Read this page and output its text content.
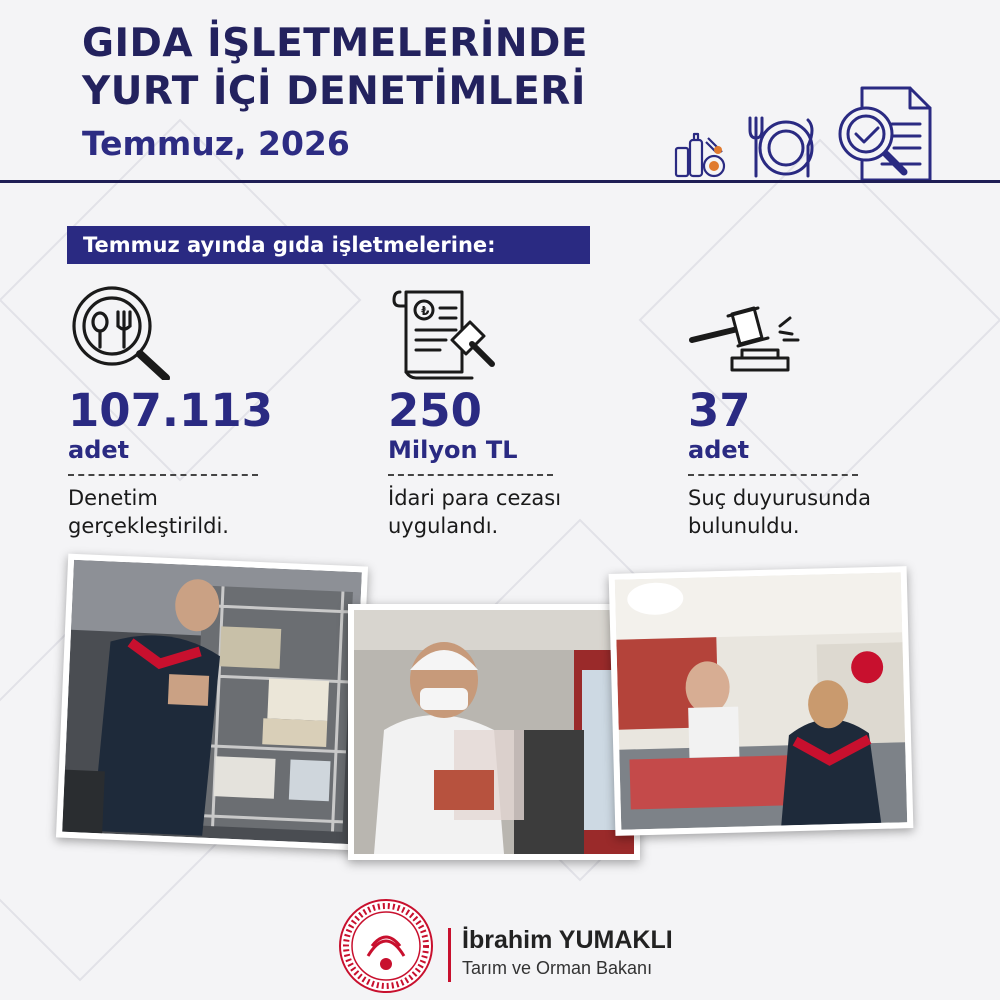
GIDA İŞLETMELERİNDE
YURT İÇİ DENETİMLERİ
Temmuz, 2026
Temmuz ayında gıda işletmelerine:
₺
107.113
adet
Denetim
gerçekleştirildi.
250
Milyon TL
İdari para cezası
uygulandı.
37
adet
Suç duyurusunda
bulunuldu.
İbrahim YUMAKLI
Tarım ve Orman Bakanı
